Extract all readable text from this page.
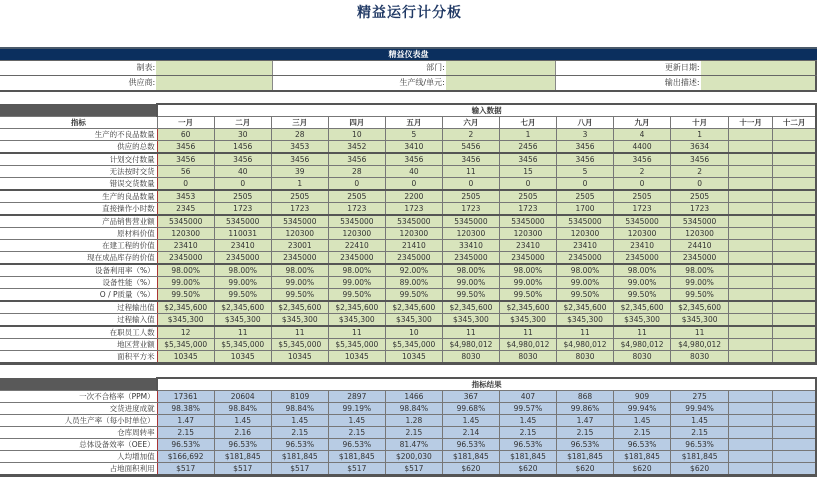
精益运行计分板
精益仪表盘
制表:	部门:	更新日期:
供应商:	生产线/单元:	输出描述:
	输入数据											
指标	一月	二月	三月	四月	五月	六月	七月	八月	九月	十月	十一月	十二月
生产的不良品数量	60	30	28	10	5	2	1	3	4	1		
供应的总数	3456	1456	3453	3452	3410	5456	2456	3456	4400	3634		
计划交付数量	3456	3456	3456	3456	3456	3456	3456	3456	3456	3456		
无法按时交货	56	40	39	28	40	11	15	5	2	2		
错误交货数量	0	0	1	0	0	0	0	0	0	0		
生产的良品数量	3453	2505	2505	2505	2200	2505	2505	2505	2505	2505		
直接操作小时数	2345	1723	1723	1723	1723	1723	1723	1700	1723	1723		
产品销售营业额	5345000	5345000	5345000	5345000	5345000	5345000	5345000	5345000	5345000	5345000		
原材料价值	120300	110031	120300	120300	120300	120300	120300	120300	120300	120300		
在建工程的价值	23410	23410	23001	22410	21410	33410	23410	23410	23410	24410		
现在成品库存的价值	2345000	2345000	2345000	2345000	2345000	2345000	2345000	2345000	2345000	2345000		
设备利用率（%）	98.00%	98.00%	98.00%	98.00%	92.00%	98.00%	98.00%	98.00%	98.00%	98.00%		
设备性能（%）	99.00%	99.00%	99.00%	99.00%	89.00%	99.00%	99.00%	99.00%	99.00%	99.00%		
O / P质量（%）	99.50%	99.50%	99.50%	99.50%	99.50%	99.50%	99.50%	99.50%	99.50%	99.50%		
过程输出值	$2,345,600	$2,345,600	$2,345,600	$2,345,600	$2,345,600	$2,345,600	$2,345,600	$2,345,600	$2,345,600	$2,345,600		
过程输入值	$345,300	$345,300	$345,300	$345,300	$345,300	$345,300	$345,300	$345,300	$345,300	$345,300		
在职员工人数	12	11	11	11	10	11	11	11	11	11		
地区营业额	$5,345,000	$5,345,000	$5,345,000	$5,345,000	$5,345,000	$4,980,012	$4,980,012	$4,980,012	$4,980,012	$4,980,012		
面积平方米	10345	10345	10345	10345	10345	8030	8030	8030	8030	8030		
	指标结果											
一次不合格率（PPM）	17361	20604	8109	2897	1466	367	407	868	909	275		
交货进度成就	98.38%	98.84%	98.84%	99.19%	98.84%	99.68%	99.57%	99.86%	99.94%	99.94%		
人员生产率（每小时单位）	1.47	1.45	1.45	1.45	1.28	1.45	1.45	1.47	1.45	1.45		
仓库周转率	2.15	2.16	2.15	2.15	2.15	2.14	2.15	2.15	2.15	2.15		
总体设备效率（OEE）	96.53%	96.53%	96.53%	96.53%	81.47%	96.53%	96.53%	96.53%	96.53%	96.53%		
人均增加值	$166,692	$181,845	$181,845	$181,845	$200,030	$181,845	$181,845	$181,845	$181,845	$181,845		
占地面积利用	$517	$517	$517	$517	$517	$620	$620	$620	$620	$620		
